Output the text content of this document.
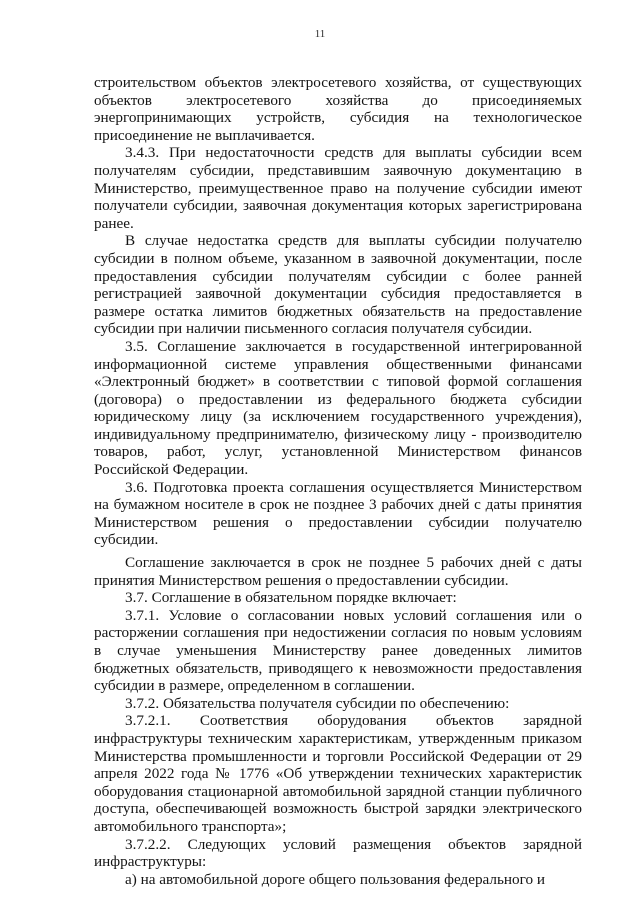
11

строительством объектов электросетевого хозяйства, от существующих объектов электросетевого хозяйства до присоединяемых энергопринимающих устройств, субсидия на технологическое присоединение не выплачивается.

3.4.3. При недостаточности средств для выплаты субсидии всем получателям субсидии, представившим заявочную документацию в Министерство, преимущественное право на получение субсидии имеют получатели субсидии, заявочная документация которых зарегистрирована ранее.

В случае недостатка средств для выплаты субсидии получателю субсидии в полном объеме, указанном в заявочной документации, после предоставления субсидии получателям субсидии с более ранней регистрацией заявочной документации субсидия предоставляется в размере остатка лимитов бюджетных обязательств на предоставление субсидии при наличии письменного согласия получателя субсидии.

3.5. Соглашение заключается в государственной интегрированной информационной системе управления общественными финансами «Электронный бюджет» в соответствии с типовой формой соглашения (договора) о предоставлении из федерального бюджета субсидии юридическому лицу (за исключением государственного учреждения), индивидуальному предпринимателю, физическому лицу - производителю товаров, работ, услуг, установленной Министерством финансов Российской Федерации.

3.6. Подготовка проекта соглашения осуществляется Министерством на бумажном носителе в срок не позднее 3 рабочих дней с даты принятия Министерством решения о предоставлении субсидии получателю субсидии.

Соглашение заключается в срок не позднее 5 рабочих дней с даты принятия Министерством решения о предоставлении субсидии.

3.7. Соглашение в обязательном порядке включает:

3.7.1. Условие о согласовании новых условий соглашения или о расторжении соглашения при недостижении согласия по новым условиям в случае уменьшения Министерству ранее доведенных лимитов бюджетных обязательств, приводящего к невозможности предоставления субсидии в размере, определенном в соглашении.

3.7.2. Обязательства получателя субсидии по обеспечению:

3.7.2.1. Соответствия оборудования объектов зарядной инфраструктуры техническим характеристикам, утвержденным приказом Министерства промышленности и торговли Российской Федерации от 29 апреля 2022 года № 1776 «Об утверждении технических характеристик оборудования стационарной автомобильной зарядной станции публичного доступа, обеспечивающей возможность быстрой зарядки электрического автомобильного транспорта»;

3.7.2.2. Следующих условий размещения объектов зарядной инфраструктуры:

а) на автомобильной дороге общего пользования федерального и
